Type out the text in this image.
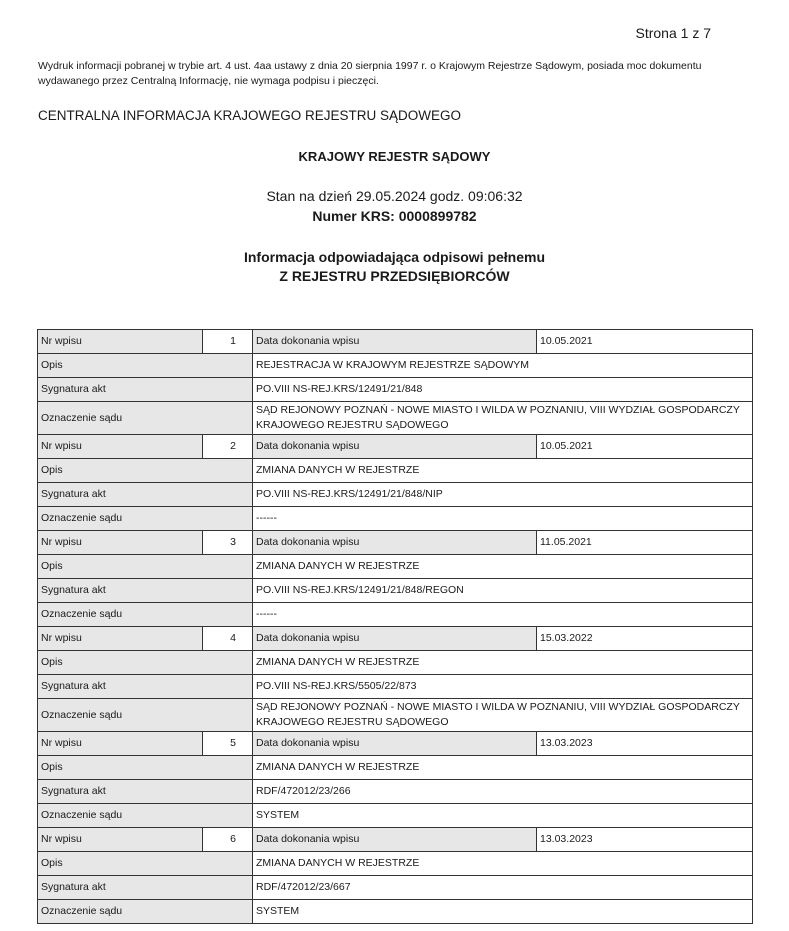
Strona 1 z 7
Wydruk informacji pobranej w trybie art. 4 ust. 4aa ustawy z dnia 20 sierpnia 1997 r. o Krajowym Rejestrze Sądowym, posiada moc dokumentu wydawanego przez Centralną Informację, nie wymaga podpisu i pieczęci.
CENTRALNA INFORMACJA KRAJOWEGO REJESTRU SĄDOWEGO
KRAJOWY REJESTR SĄDOWY
Stan na dzień 29.05.2024 godz. 09:06:32
Numer KRS: 0000899782
Informacja odpowiadająca odpisowi pełnemu
Z REJESTRU PRZEDSIĘBIORCÓW
Nr wpisu	1	Data dokonania wpisu	10.05.2021
Opis		REJESTRACJA W KRAJOWYM REJESTRZE SĄDOWYM	
Sygnatura akt		PO.VIII NS-REJ.KRS/12491/21/848	
Oznaczenie sądu		SĄD REJONOWY POZNAŃ - NOWE MIASTO I WILDA W POZNANIU, VIII WYDZIAŁ GOSPODARCZY KRAJOWEGO REJESTRU SĄDOWEGO	
Nr wpisu	2	Data dokonania wpisu	10.05.2021
Opis		ZMIANA DANYCH W REJESTRZE	
Sygnatura akt		PO.VIII NS-REJ.KRS/12491/21/848/NIP	
Oznaczenie sądu		------	
Nr wpisu	3	Data dokonania wpisu	11.05.2021
Opis		ZMIANA DANYCH W REJESTRZE	
Sygnatura akt		PO.VIII NS-REJ.KRS/12491/21/848/REGON	
Oznaczenie sądu		------	
Nr wpisu	4	Data dokonania wpisu	15.03.2022
Opis		ZMIANA DANYCH W REJESTRZE	
Sygnatura akt		PO.VIII NS-REJ.KRS/5505/22/873	
Oznaczenie sądu		SĄD REJONOWY POZNAŃ - NOWE MIASTO I WILDA W POZNANIU, VIII WYDZIAŁ GOSPODARCZY KRAJOWEGO REJESTRU SĄDOWEGO	
Nr wpisu	5	Data dokonania wpisu	13.03.2023
Opis		ZMIANA DANYCH W REJESTRZE	
Sygnatura akt		RDF/472012/23/266	
Oznaczenie sądu		SYSTEM	
Nr wpisu	6	Data dokonania wpisu	13.03.2023
Opis		ZMIANA DANYCH W REJESTRZE	
Sygnatura akt		RDF/472012/23/667	
Oznaczenie sądu		SYSTEM	
